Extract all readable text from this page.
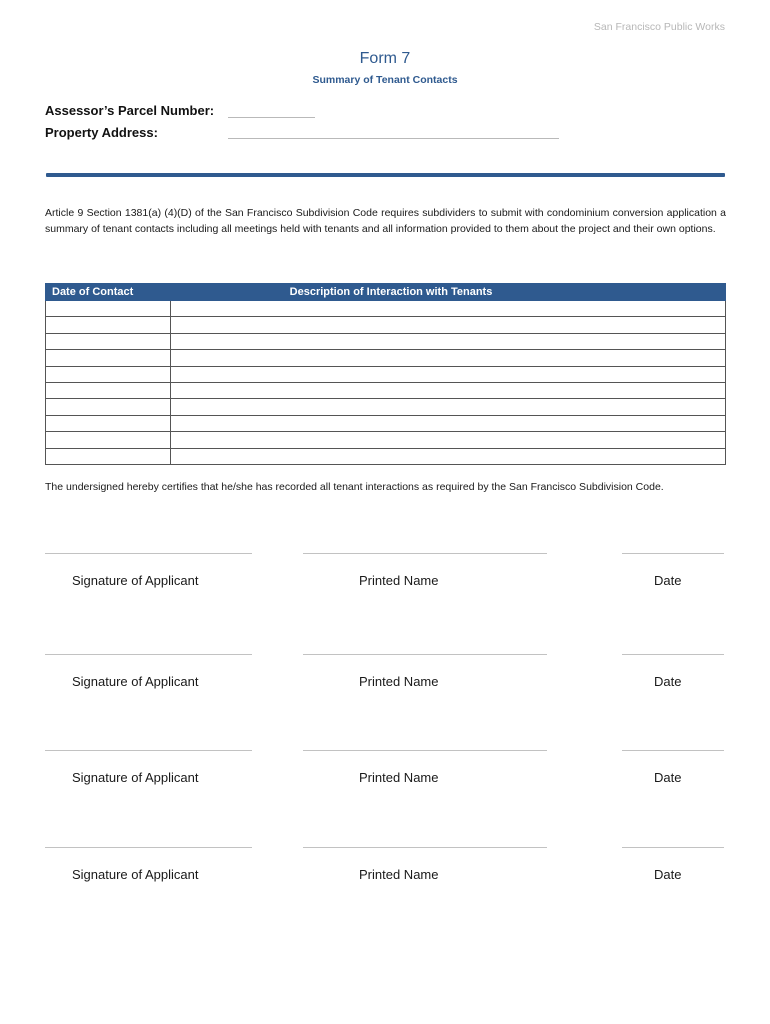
San Francisco Public Works
Form 7
Summary of Tenant Contacts
Assessor’s Parcel Number:
Property Address:

Article 9 Section 1381(a) (4)(D) of the San Francisco Subdivision Code requires subdividers to submit with condominium conversion application a summary of tenant contacts including all meetings held with tenants and all information provided to them about the project and their own options.

Date of Contact	Description of Interaction with Tenants

The undersigned hereby certifies that he/she has recorded all tenant interactions as required by the San Francisco Subdivision Code.

Signature of Applicant	Printed Name	Date
Signature of Applicant	Printed Name	Date
Signature of Applicant	Printed Name	Date
Signature of Applicant	Printed Name	Date
